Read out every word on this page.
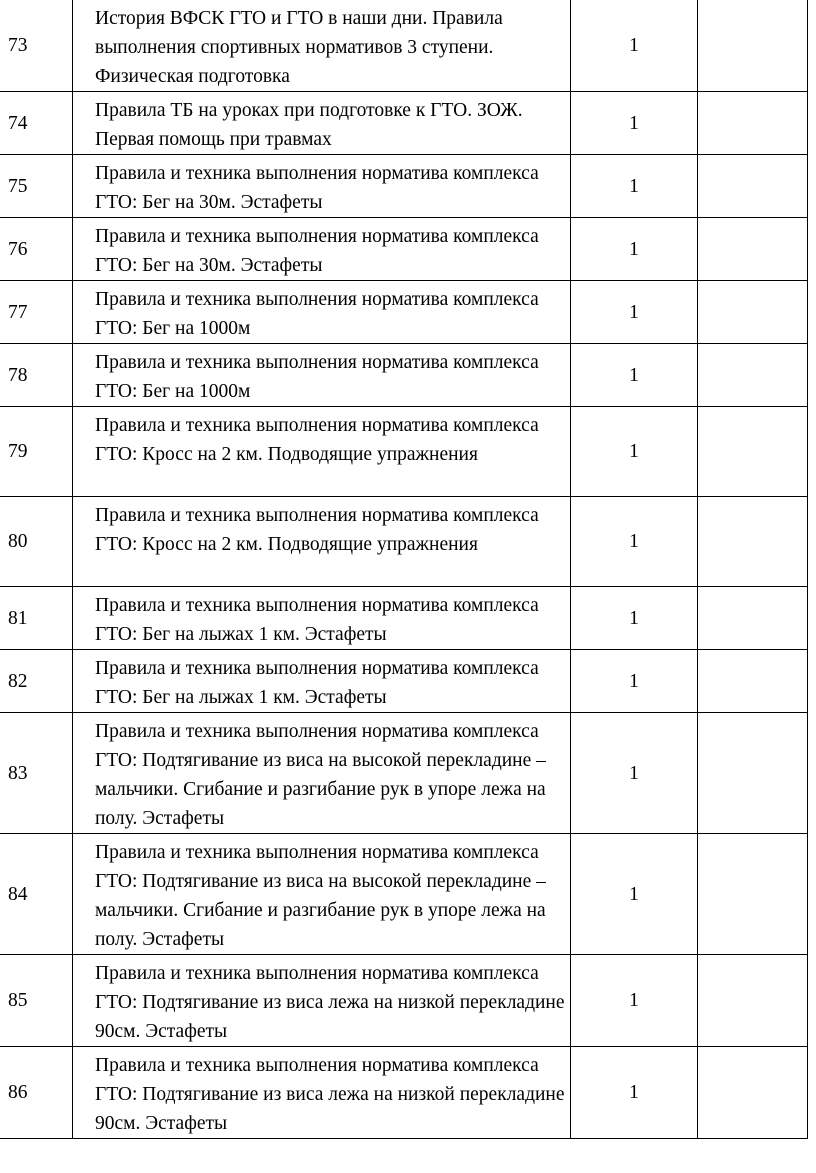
73	История ВФСК ГТО и ГТО в наши дни. Правила выполнения спортивных нормативов 3 ступени. Физическая подготовка	1	
74	Правила ТБ на уроках при подготовке к ГТО. ЗОЖ. Первая помощь при травмах	1	
75	Правила и техника выполнения норматива комплекса ГТО: Бег на 30м. Эстафеты	1	
76	Правила и техника выполнения норматива комплекса ГТО: Бег на 30м. Эстафеты	1	
77	Правила и техника выполнения норматива комплекса ГТО: Бег на 1000м	1	
78	Правила и техника выполнения норматива комплекса ГТО: Бег на 1000м	1	
79	Правила и техника выполнения норматива комплекса ГТО: Кросс на 2 км. Подводящие упражнения	1	
80	Правила и техника выполнения норматива комплекса ГТО: Кросс на 2 км. Подводящие упражнения	1	
81	Правила и техника выполнения норматива комплекса ГТО: Бег на лыжах 1 км. Эстафеты	1	
82	Правила и техника выполнения норматива комплекса ГТО: Бег на лыжах 1 км. Эстафеты	1	
83	Правила и техника выполнения норматива комплекса ГТО: Подтягивание из виса на высокой перекладине – мальчики. Сгибание и разгибание рук в упоре лежа на полу. Эстафеты	1	
84	Правила и техника выполнения норматива комплекса ГТО: Подтягивание из виса на высокой перекладине – мальчики. Сгибание и разгибание рук в упоре лежа на полу. Эстафеты	1	
85	Правила и техника выполнения норматива комплекса ГТО: Подтягивание из виса лежа на низкой перекладине 90см. Эстафеты	1	
86	Правила и техника выполнения норматива комплекса ГТО: Подтягивание из виса лежа на низкой перекладине 90см. Эстафеты	1	
